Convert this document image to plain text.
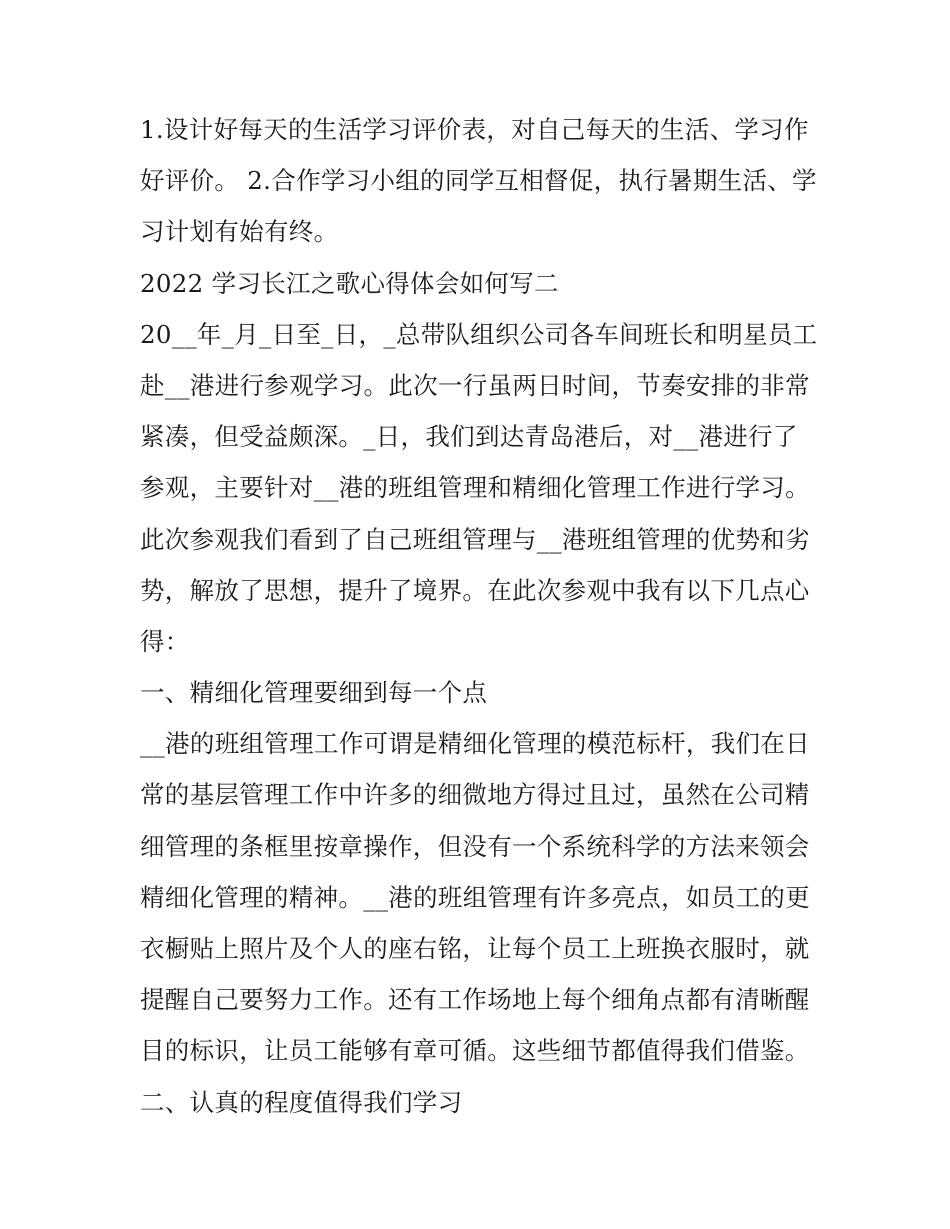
1.设计好每天的生活学习评价表，对自己每天的生活、学习作
好评价。 2.合作学习小组的同学互相督促，执行暑期生活、学
习计划有始有终。

2022 学习长江之歌心得体会如何写二

20__年_月_日至_日，_总带队组织公司各车间班长和明星员工
赴__港进行参观学习。此次一行虽两日时间，节奏安排的非常
紧凑，但受益颇深。_日，我们到达青岛港后，对__港进行了
参观，主要针对__港的班组管理和精细化管理工作进行学习。
此次参观我们看到了自己班组管理与__港班组管理的优势和劣
势，解放了思想，提升了境界。在此次参观中我有以下几点心
得：

一、精细化管理要细到每一个点

__港的班组管理工作可谓是精细化管理的模范标杆，我们在日
常的基层管理工作中许多的细微地方得过且过，虽然在公司精
细管理的条框里按章操作，但没有一个系统科学的方法来领会
精细化管理的精神。__港的班组管理有许多亮点，如员工的更
衣橱贴上照片及个人的座右铭，让每个员工上班换衣服时，就
提醒自己要努力工作。还有工作场地上每个细角点都有清晰醒
目的标识，让员工能够有章可循。这些细节都值得我们借鉴。

二、认真的程度值得我们学习
